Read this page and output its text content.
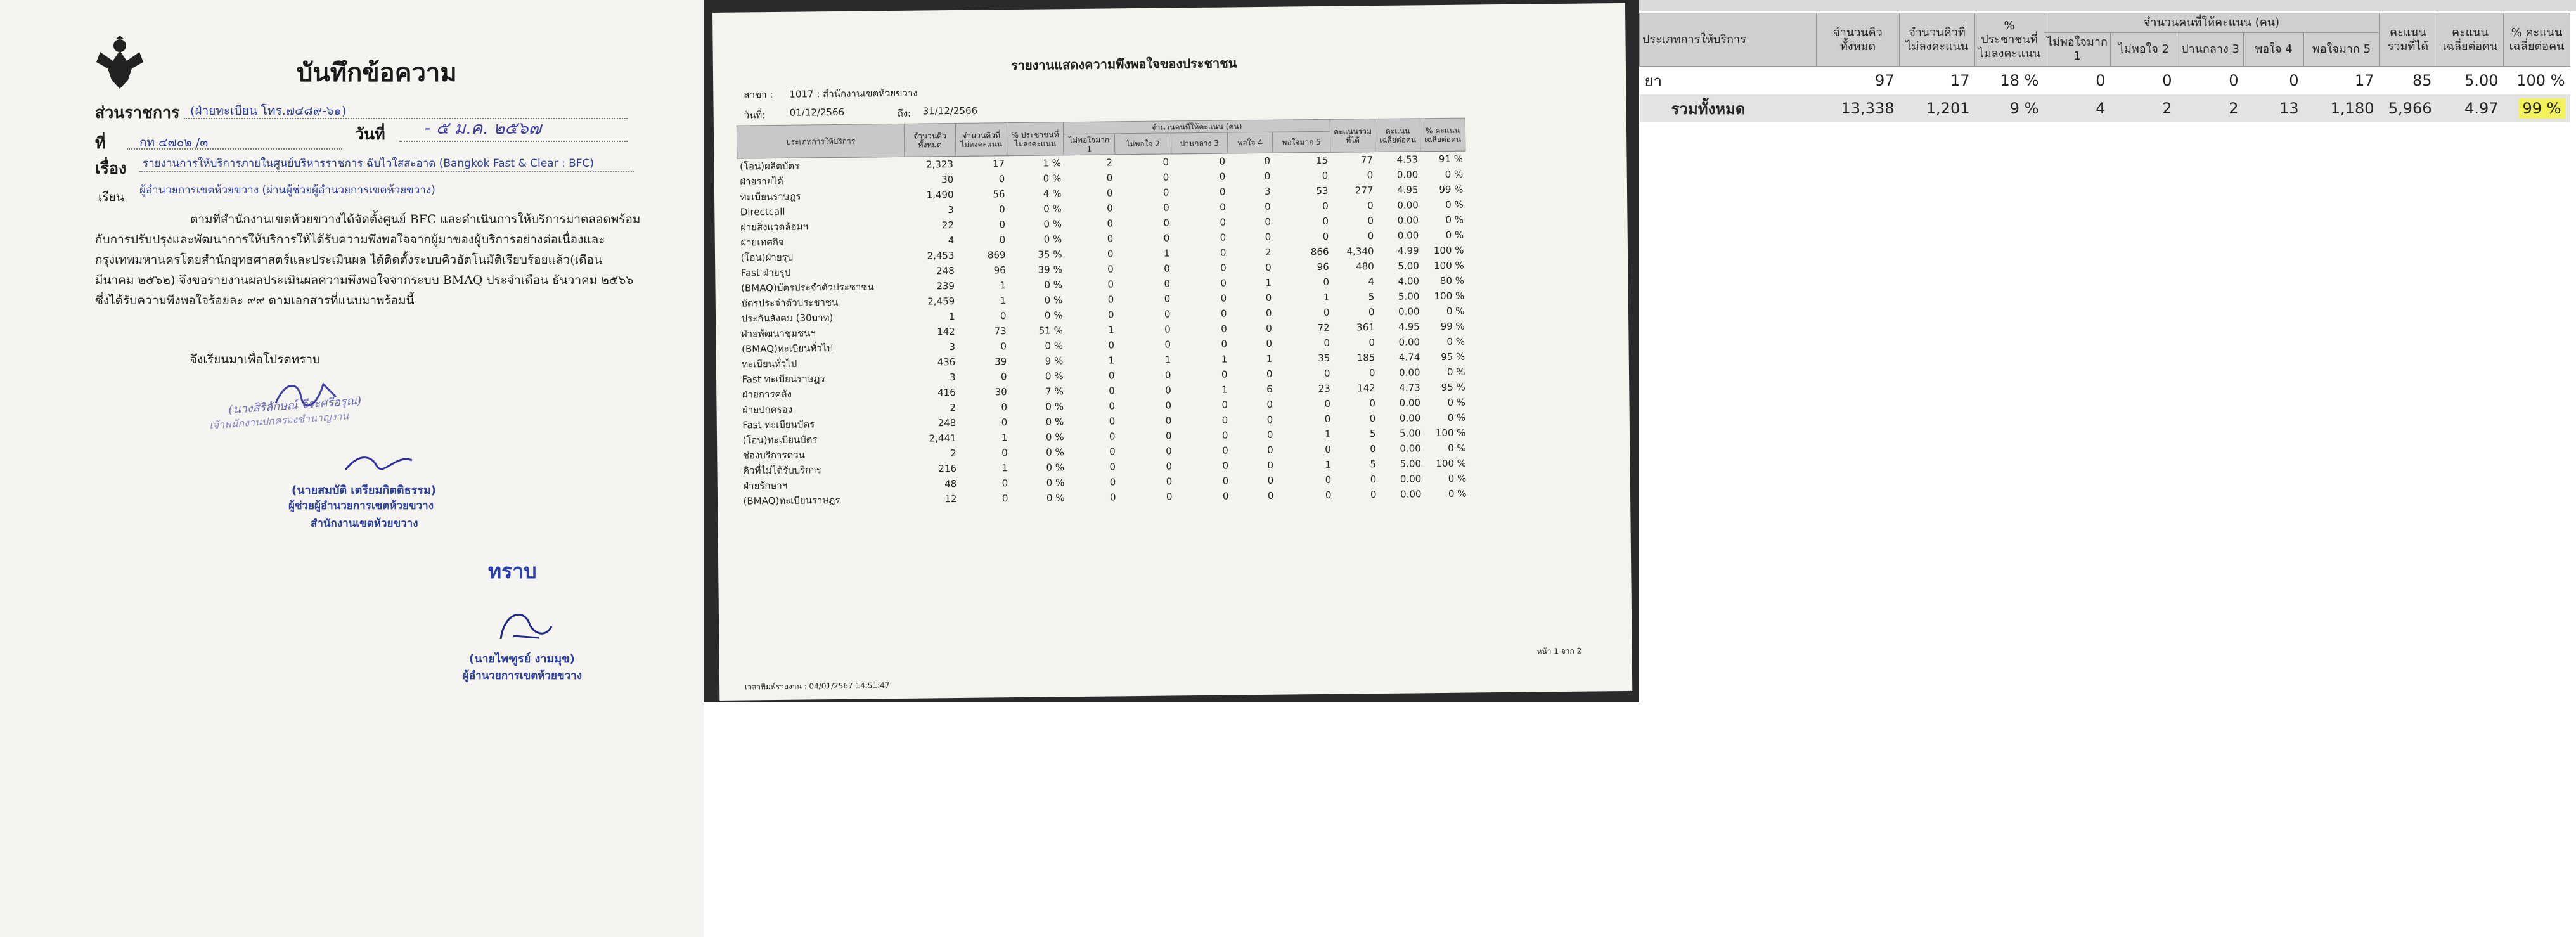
บันทึกข้อความ
ส่วนราชการ (ฝ่ายทะเบียน โทร.๗๔๘๙-๖๑)
ที่	กท ๔๗๐๒ /๓	วันที่ - ๕ ม.ค. ๒๕๖๗
เรื่อง รายงานการให้บริการภายในศูนย์บริหารราชการ ฉับไวใสสะอาด (Bangkok Fast & Clear : BFC)
เรียน ผู้อำนวยการเขตห้วยขวาง (ผ่านผู้ช่วยผู้อำนวยการเขตห้วยขวาง)
ตามที่สำนักงานเขตห้วยขวางได้จัดตั้งศูนย์ BFC และดำเนินการให้บริการมาตลอดพร้อม
กับการปรับปรุงและพัฒนาการให้บริการให้ได้รับความพึงพอใจจากผู้มาของผู้บริการอย่างต่อเนื่องและ
กรุงเทพมหานครโดยสำนักยุทธศาสตร์และประเมินผล ได้ติดตั้งระบบคิวอัตโนมัติเรียบร้อยแล้ว(เดือน
มีนาคม ๒๕๖๒) จึงขอรายงานผลประเมินผลความพึงพอใจจากระบบ BMAQ ประจำเดือน ธันวาคม ๒๕๖๖
ซึ่งได้รับความพึงพอใจร้อยละ ๙๙ ตามเอกสารที่แนบมาพร้อมนี้
จึงเรียนมาเพื่อโปรดทราบ
(นางสิริลักษณ์ จีระศรีอรุณ)
เจ้าพนักงานปกครองชำนาญงาน
(นายสมบัติ เตรียมกิตติธรรม)
ผู้ช่วยผู้อำนวยการเขตห้วยขวาง
สำนักงานเขตห้วยขวาง
ทราบ
(นายไพฑูรย์ งามมุข)
ผู้อำนวยการเขตห้วยขวาง
รายงานแสดงความพึงพอใจของประชาชน
สาขา : 1017 : สำนักงานเขตห้วยขวาง
วันที่:	01/12/2566	ถึง: 31/12/2566
ประเภทการให้บริการ	จำนวนคิวทั้งหมด	จำนวนคิวที่ไม่ลงคะแนน	% ประชาชนที่ไม่ลงคะแนน	จำนวนคนที่ให้คะแนน (คน)					คะแนนรวมที่ได้	คะแนนเฉลี่ยต่อคน	% คะแนนเฉลี่ยต่อคน
				ไม่พอใจมาก 1	ไม่พอใจ 2	ปานกลาง 3	พอใจ 4	พอใจมาก 5			
(โอน)ผลิตบัตร	2,323	17	1 %	2	0	0	0	15	77	4.53	91 %
ฝ่ายรายได้	30	0	0 %	0	0	0	0	0	0	0.00	0 %
ทะเบียนราษฎร	1,490	56	4 %	0	0	0	3	53	277	4.95	99 %
Directcall	3	0	0 %	0	0	0	0	0	0	0.00	0 %
ฝ่ายสิ่งแวดล้อมฯ	22	0	0 %	0	0	0	0	0	0	0.00	0 %
ฝ่ายเทศกิจ	4	0	0 %	0	0	0	0	0	0	0.00	0 %
(โอน)ฝ่ายรุป	2,453	869	35 %	0	1	0	2	866	4,340	4.99	100 %
Fast ฝ่ายรุป	248	96	39 %	0	0	0	0	96	480	5.00	100 %
(BMAQ)บัตรประจำตัวประชาชน	239	1	0 %	0	0	0	1	0	4	4.00	80 %
บัตรประจำตัวประชาชน	2,459	1	0 %	0	0	0	0	1	5	5.00	100 %
ประกันสังคม (30บาท)	1	0	0 %	0	0	0	0	0	0	0.00	0 %
ฝ่ายพัฒนาชุมชนฯ	142	73	51 %	1	0	0	0	72	361	4.95	99 %
(BMAQ)ทะเบียนทั่วไป	3	0	0 %	0	0	0	0	0	0	0.00	0 %
ทะเบียนทั่วไป	436	39	9 %	1	1	1	1	35	185	4.74	95 %
Fast ทะเบียนราษฎร	3	0	0 %	0	0	0	0	0	0	0.00	0 %
ฝ่ายการคลัง	416	30	7 %	0	0	1	6	23	142	4.73	95 %
ฝ่ายปกครอง	2	0	0 %	0	0	0	0	0	0	0.00	0 %
Fast ทะเบียนบัตร	248	0	0 %	0	0	0	0	0	0	0.00	0 %
(โอน)ทะเบียนบัตร	2,441	1	0 %	0	0	0	0	1	5	5.00	100 %
ช่องบริการด่วน	2	0	0 %	0	0	0	0	0	0	0.00	0 %
คิวที่ไม่ได้รับบริการ	216	1	0 %	0	0	0	0	1	5	5.00	100 %
ฝ่ายรักษาฯ	48	0	0 %	0	0	0	0	0	0	0.00	0 %
(BMAQ)ทะเบียนราษฎร	12	0	0 %	0	0	0	0	0	0	0.00	0 %
เวลาพิมพ์รายงาน : 04/01/2567 14:51:47
หน้า 1 จาก 2
ประเภทการให้บริการ	จำนวนคิวทั้งหมด	จำนวนคิวที่ไม่ลงคะแนน	% ประชาชนที่ไม่ลงคะแนน	จำนวนคนที่ให้คะแนน (คน)					คะแนนรวมที่ได้	คะแนนเฉลี่ยต่อคน	% คะแนนเฉลี่ยต่อคน
				ไม่พอใจมาก 1	ไม่พอใจ 2	ปานกลาง 3	พอใจ 4	พอใจมาก 5			
ยา	97	17	18 %	0	0	0	0	17	85	5.00	100 %
รวมทั้งหมด	13,338	1,201	9 %	4	2	2	13	1,180	5,966	4.97	99 %
